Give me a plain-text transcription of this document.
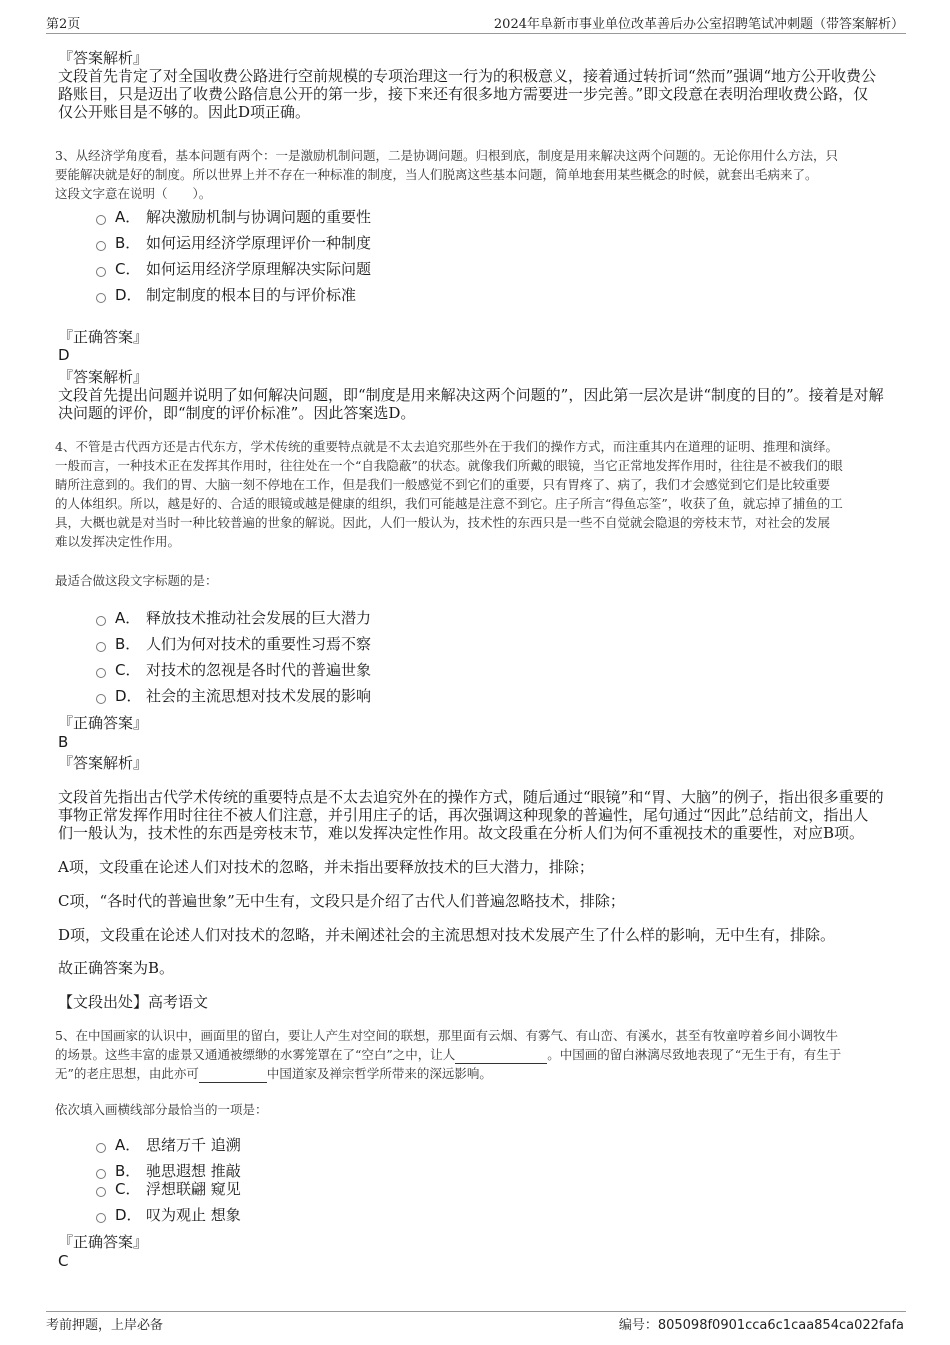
第2页	2024年阜新市事业单位改革善后办公室招聘笔试冲刺题（带答案解析）
『答案解析』
文段首先肯定了对全国收费公路进行空前规模的专项治理这一行为的积极意义，接着通过转折词“然而”强调“地方公开收费公
路账目，只是迈出了收费公路信息公开的第一步，接下来还有很多地方需要进一步完善。”即文段意在表明治理收费公路，仅
仅公开账目是不够的。因此D项正确。
3、从经济学角度看，基本问题有两个：一是激励机制问题，二是协调问题。归根到底，制度是用来解决这两个问题的。无论你用什么方法，只
要能解决就是好的制度。所以世界上并不存在一种标准的制度，当人们脱离这些基本问题，简单地套用某些概念的时候，就套出毛病来了。
这段文字意在说明（　　）。
A． 解决激励机制与协调问题的重要性
B． 如何运用经济学原理评价一种制度
C． 如何运用经济学原理解决实际问题
D． 制定制度的根本目的与评价标准
『正确答案』
D
『答案解析』
文段首先提出问题并说明了如何解决问题，即“制度是用来解决这两个问题的”，因此第一层次是讲“制度的目的”。接着是对解
决问题的评价，即“制度的评价标准”。因此答案选D。
4、不管是古代西方还是古代东方，学术传统的重要特点就是不太去追究那些外在于我们的操作方式，而注重其内在道理的证明、推理和演绎。
一般而言，一种技术正在发挥其作用时，往往处在一个“自我隐蔽”的状态。就像我们所戴的眼镜，当它正常地发挥作用时，往往是不被我们的眼
睛所注意到的。我们的胃、大脑一刻不停地在工作，但是我们一般感觉不到它们的重要，只有胃疼了、病了，我们才会感觉到它们是比较重要
的人体组织。所以，越是好的、合适的眼镜或越是健康的组织，我们可能越是注意不到它。庄子所言“得鱼忘筌”，收获了鱼，就忘掉了捕鱼的工
具，大概也就是对当时一种比较普遍的世象的解说。因此，人们一般认为，技术性的东西只是一些不自觉就会隐退的旁枝末节，对社会的发展
难以发挥决定性作用。
最适合做这段文字标题的是：
A． 释放技术推动社会发展的巨大潜力
B． 人们为何对技术的重要性习焉不察
C． 对技术的忽视是各时代的普遍世象
D． 社会的主流思想对技术发展的影响
『正确答案』
B
『答案解析』
文段首先指出古代学术传统的重要特点是不太去追究外在的操作方式，随后通过“眼镜”和“胃、大脑”的例子，指出很多重要的
事物正常发挥作用时往往不被人们注意，并引用庄子的话，再次强调这种现象的普遍性，尾句通过“因此”总结前文，指出人
们一般认为，技术性的东西是旁枝末节，难以发挥决定性作用。故文段重在分析人们为何不重视技术的重要性，对应B项。
A项，文段重在论述人们对技术的忽略，并未指出要释放技术的巨大潜力，排除；
C项，“各时代的普遍世象”无中生有，文段只是介绍了古代人们普遍忽略技术，排除；
D项，文段重在论述人们对技术的忽略，并未阐述社会的主流思想对技术发展产生了什么样的影响，无中生有，排除。
故正确答案为B。
【文段出处】高考语文
5、在中国画家的认识中，画面里的留白，要让人产生对空间的联想，那里面有云烟、有雾气、有山峦、有溪水，甚至有牧童哼着乡间小调牧牛
的场景。这些丰富的虚景又通通被缥缈的水雾笼罩在了“空白”之中，让人	。中国画的留白淋漓尽致地表现了“无生于有，有生于
无”的老庄思想，由此亦可	中国道家及禅宗哲学所带来的深远影响。
依次填入画横线部分最恰当的一项是：
A． 思绪万千 追溯
B． 驰思遐想 推敲
C． 浮想联翩 窥见
D． 叹为观止 想象
『正确答案』
C
考前押题，上岸必备	编号：805098f0901cca6c1caa854ca022fafa
